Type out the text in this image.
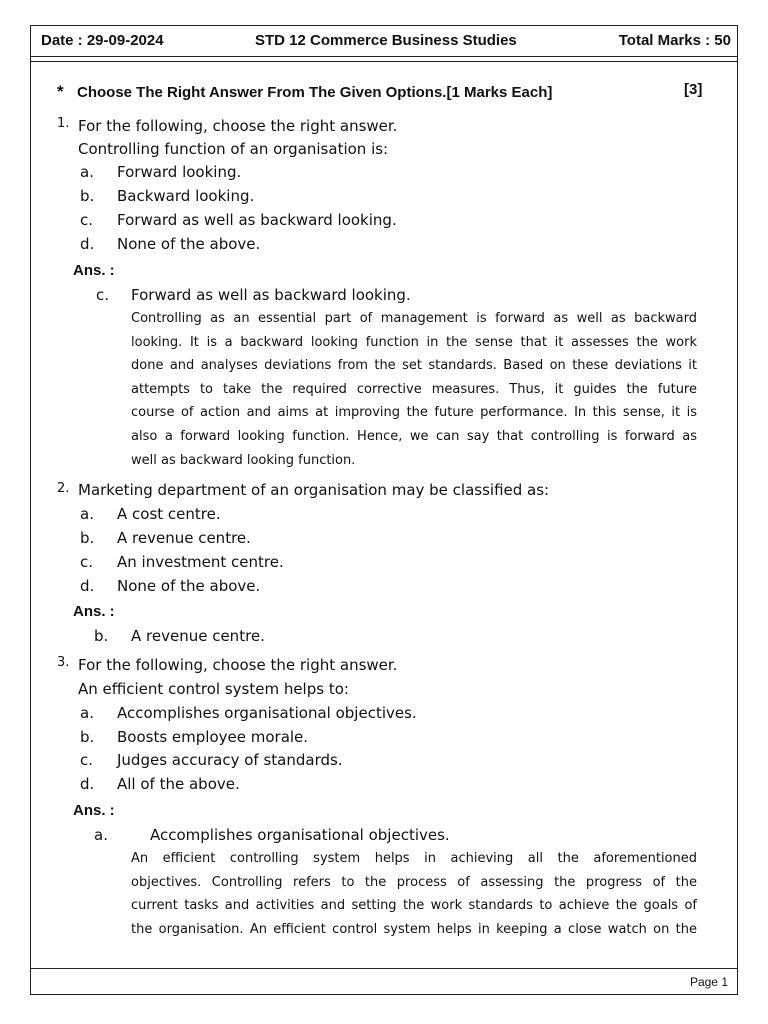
Date : 29-09-2024	STD 12 Commerce Business Studies	Total Marks : 50
* Choose The Right Answer From The Given Options.[1 Marks Each]	[3]
1. For the following, choose the right answer.
Controlling function of an organisation is:
a. Forward looking.
b. Backward looking.
c. Forward as well as backward looking.
d. None of the above.
Ans. :
c. Forward as well as backward looking.
Controlling as an essential part of management is forward as well as backward
looking. It is a backward looking function in the sense that it assesses the work
done and analyses deviations from the set standards. Based on these deviations it
attempts to take the required corrective measures. Thus, it guides the future
course of action and aims at improving the future performance. In this sense, it is
also a forward looking function. Hence, we can say that controlling is forward as
well as backward looking function.
2. Marketing department of an organisation may be classified as:
a. A cost centre.
b. A revenue centre.
c. An investment centre.
d. None of the above.
Ans. :
b. A revenue centre.
3. For the following, choose the right answer.
An efficient control system helps to:
a. Accomplishes organisational objectives.
b. Boosts employee morale.
c. Judges accuracy of standards.
d. All of the above.
Ans. :
a.	Accomplishes organisational objectives.
An efficient controlling system helps in achieving all the aforementioned
objectives. Controlling refers to the process of assessing the progress of the
current tasks and activities and setting the work standards to achieve the goals of
the organisation. An efficient control system helps in keeping a close watch on the
Page 1
